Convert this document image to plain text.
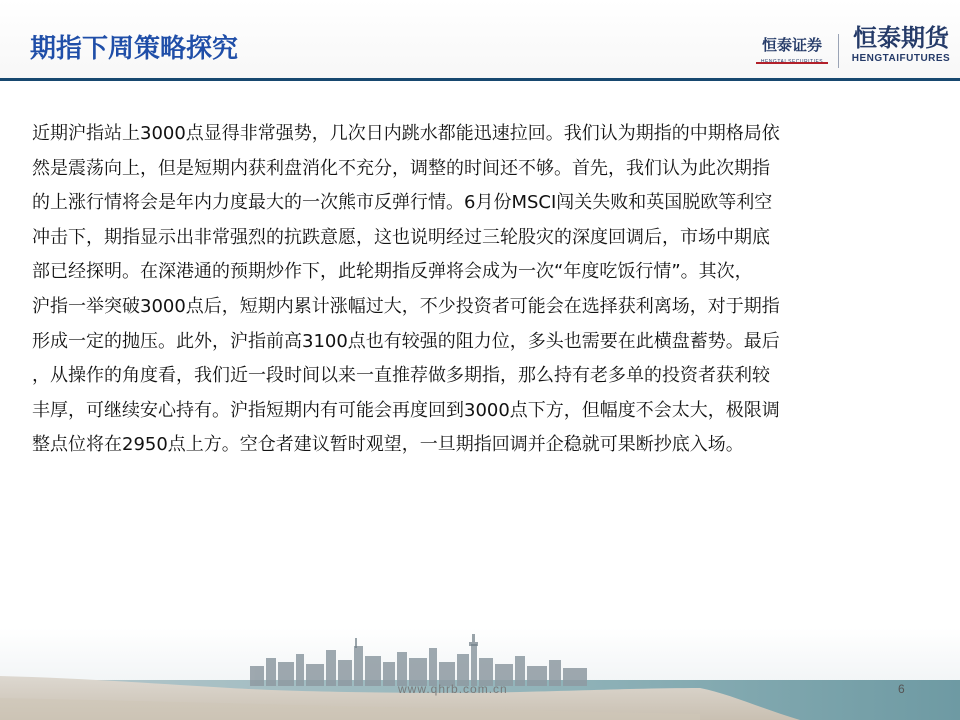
期指下周策略探究	恒泰证券	恒泰期货
HENGTAIFUTURES
近期沪指站上3000点显得非常强势，几次日内跳水都能迅速拉回。我们认为期指的中期格局依
然是震荡向上，但是短期内获利盘消化不充分，调整的时间还不够。首先，我们认为此次期指
的上涨行情将会是年内力度最大的一次熊市反弹行情。6月份MSCI闯关失败和英国脱欧等利空
冲击下，期指显示出非常强烈的抗跌意愿，这也说明经过三轮股灾的深度回调后，市场中期底
部已经探明。在深港通的预期炒作下，此轮期指反弹将会成为一次“年度吃饭行情”。其次，
沪指一举突破3000点后，短期内累计涨幅过大，不少投资者可能会在选择获利离场，对于期指
形成一定的抛压。此外，沪指前高3100点也有较强的阻力位，多头也需要在此横盘蓄势。最后
，从操作的角度看，我们近一段时间以来一直推荐做多期指，那么持有老多单的投资者获利较
丰厚，可继续安心持有。沪指短期内有可能会再度回到3000点下方，但幅度不会太大，极限调
整点位将在2950点上方。空仓者建议暂时观望，一旦期指回调并企稳就可果断抄底入场。
www.qhrb.com.cn	6
